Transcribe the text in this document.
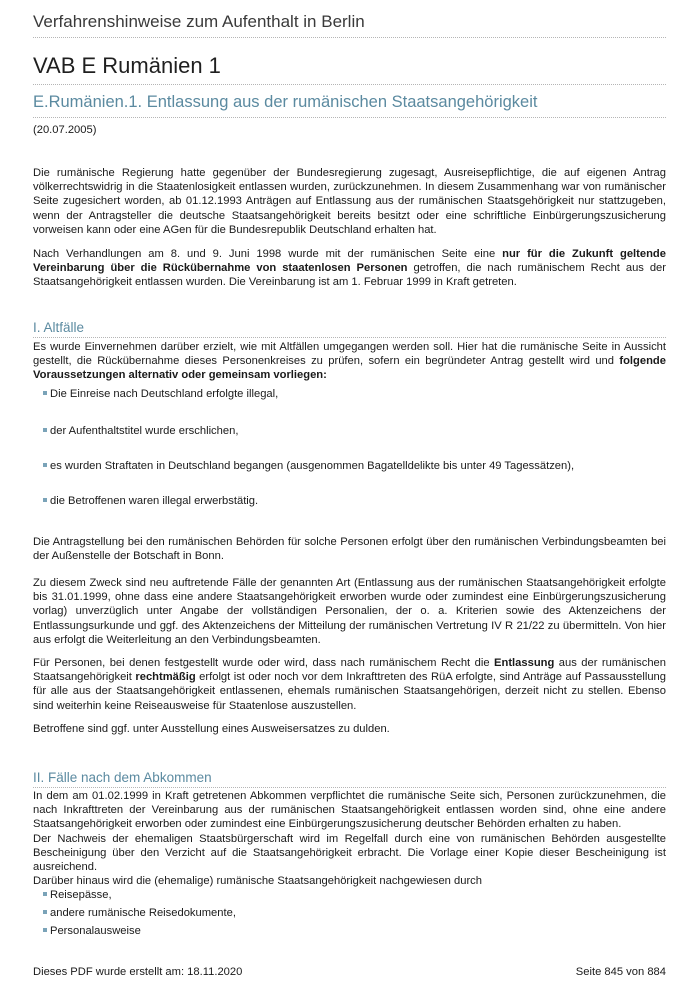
Verfahrenshinweise zum Aufenthalt in Berlin
VAB E Rumänien 1
E.Rumänien.1. Entlassung aus der rumänischen Staatsangehörigkeit
(20.07.2005)

Die rumänische Regierung hatte gegenüber der Bundesregierung zugesagt, Ausreisepflichtige, die auf eigenen Antrag völkerrechtswidrig in die Staatenlosigkeit entlassen wurden, zurückzunehmen. In diesem Zusammenhang war von rumänischer Seite zugesichert worden, ab 01.12.1993 Anträgen auf Entlassung aus der rumänischen Staatsgehörigkeit nur stattzugeben, wenn der Antragsteller die deutsche Staatsangehörigkeit bereits besitzt oder eine schriftliche Einbürgerungszusicherung vorweisen kann oder eine AGen für die Bundesrepublik Deutschland erhalten hat.

Nach Verhandlungen am 8. und 9. Juni 1998 wurde mit der rumänischen Seite eine nur für die Zukunft geltende Vereinbarung über die Rückübernahme von staatenlosen Personen getroffen, die nach rumänischem Recht aus der Staatsangehörigkeit entlassen wurden. Die Vereinbarung ist am 1. Februar 1999 in Kraft getreten.

I. Altfälle

Es wurde Einvernehmen darüber erzielt, wie mit Altfällen umgegangen werden soll. Hier hat die rumänische Seite in Aussicht gestellt, die Rückübernahme dieses Personenkreises zu prüfen, sofern ein begründeter Antrag gestellt wird und folgende Voraussetzungen alternativ oder gemeinsam vorliegen:

Die Einreise nach Deutschland erfolgte illegal,
der Aufenthaltstitel wurde erschlichen,
es wurden Straftaten in Deutschland begangen (ausgenommen Bagatelldelikte bis unter 49 Tagessätzen),
die Betroffenen waren illegal erwerbstätig.

Die Antragstellung bei den rumänischen Behörden für solche Personen erfolgt über den rumänischen Verbindungsbeamten bei der Außenstelle der Botschaft in Bonn.

Zu diesem Zweck sind neu auftretende Fälle der genannten Art (Entlassung aus der rumänischen Staatsangehörigkeit erfolgte bis 31.01.1999, ohne dass eine andere Staatsangehörigkeit erworben wurde oder zumindest eine Einbürgerungszusicherung vorlag) unverzüglich unter Angabe der vollständigen Personalien, der o. a. Kriterien sowie des Aktenzeichens der Entlassungsurkunde und ggf. des Aktenzeichens der Mitteilung der rumänischen Vertretung IV R 21/22 zu übermitteln. Von hier aus erfolgt die Weiterleitung an den Verbindungsbeamten.

Für Personen, bei denen festgestellt wurde oder wird, dass nach rumänischem Recht die Entlassung aus der rumänischen Staatsangehörigkeit rechtmäßig erfolgt ist oder noch vor dem Inkrafttreten des RüA erfolgte, sind Anträge auf Passausstellung für alle aus der Staatsangehörigkeit entlassenen, ehemals rumänischen Staatsangehörigen, derzeit nicht zu stellen. Ebenso sind weiterhin keine Reiseausweise für Staatenlose auszustellen.

Betroffene sind ggf. unter Ausstellung eines Ausweisersatzes zu dulden.

II. Fälle nach dem Abkommen

In dem am 01.02.1999 in Kraft getretenen Abkommen verpflichtet die rumänische Seite sich, Personen zurückzunehmen, die nach Inkrafttreten der Vereinbarung aus der rumänischen Staatsangehörigkeit entlassen worden sind, ohne eine andere Staatsangehörigkeit erworben oder zumindest eine Einbürgerungszusicherung deutscher Behörden erhalten zu haben.

Der Nachweis der ehemaligen Staatsbürgerschaft wird im Regelfall durch eine von rumänischen Behörden ausgestellte Bescheinigung über den Verzicht auf die Staatsangehörigkeit erbracht. Die Vorlage einer Kopie dieser Bescheinigung ist ausreichend.

Darüber hinaus wird die (ehemalige) rumänische Staatsangehörigkeit nachgewiesen durch

Reisepässe,
andere rumänische Reisedokumente,
Personalausweise
Dieses PDF wurde erstellt am: 18.11.2020	Seite 845 von 884
